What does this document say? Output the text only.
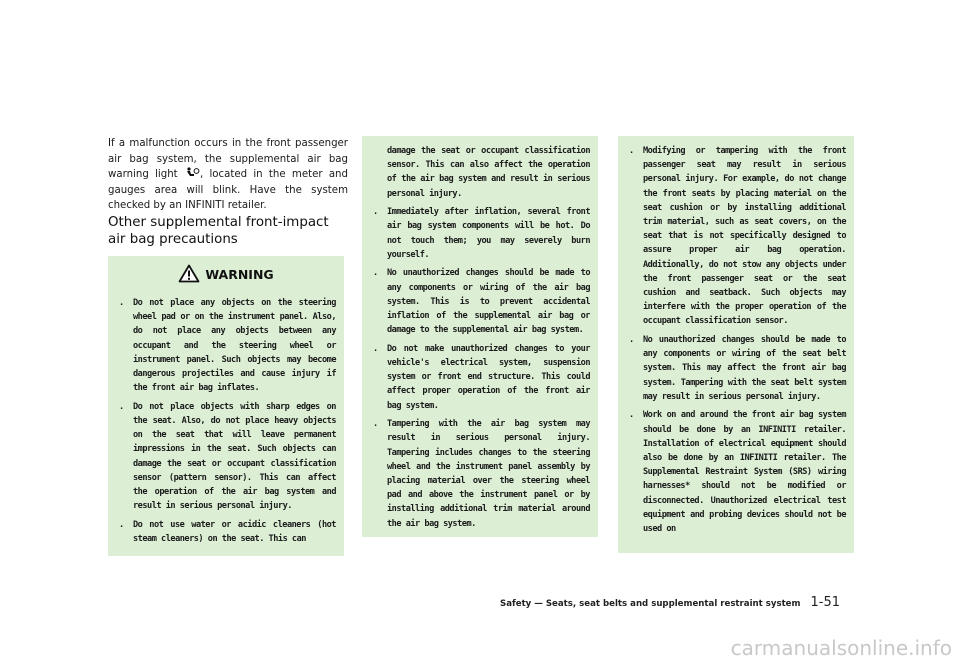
If a malfunction occurs in the front passenger air bag system, the supplemental air bag warning light , located in the meter and gauges area will blink. Have the system checked by an INFINITI retailer.
Other supplemental front-impact air bag precautions
WARNING
. Do not place any objects on the steering wheel pad or on the instrument panel. Also, do not place any objects between any occupant and the steering wheel or instrument panel. Such objects may become dangerous projectiles and cause injury if the front air bag inflates.
. Do not place objects with sharp edges on the seat. Also, do not place heavy objects on the seat that will leave permanent impressions in the seat. Such objects can damage the seat or occupant classification sensor (pattern sensor). This can affect the operation of the air bag system and result in serious personal injury.
. Do not use water or acidic cleaners (hot steam cleaners) on the seat. This can
damage the seat or occupant classification sensor. This can also affect the operation of the air bag system and result in serious personal injury.
. Immediately after inflation, several front air bag system components will be hot. Do not touch them; you may severely burn yourself.
. No unauthorized changes should be made to any components or wiring of the air bag system. This is to prevent accidental inflation of the supplemental air bag or damage to the supplemental air bag system.
. Do not make unauthorized changes to your vehicle's electrical system, suspension system or front end structure. This could affect proper operation of the front air bag system.
. Tampering with the air bag system may result in serious personal injury. Tampering includes changes to the steering wheel and the instrument panel assembly by placing material over the steering wheel pad and above the instrument panel or by installing additional trim material around the air bag system.
. Modifying or tampering with the front passenger seat may result in serious personal injury. For example, do not change the front seats by placing material on the seat cushion or by installing additional trim material, such as seat covers, on the seat that is not specifically designed to assure proper air bag operation. Additionally, do not stow any objects under the front passenger seat or the seat cushion and seatback. Such objects may interfere with the proper operation of the occupant classification sensor.
. No unauthorized changes should be made to any components or wiring of the seat belt system. This may affect the front air bag system. Tampering with the seat belt system may result in serious personal injury.
. Work on and around the front air bag system should be done by an INFINITI retailer. Installation of electrical equipment should also be done by an INFINITI retailer. The Supplemental Restraint System (SRS) wiring harnesses* should not be modified or disconnected. Unauthorized electrical test equipment and probing devices should not be used on
Safety — Seats, seat belts and supplemental restraint system 1-51
carmanualsonline.info
